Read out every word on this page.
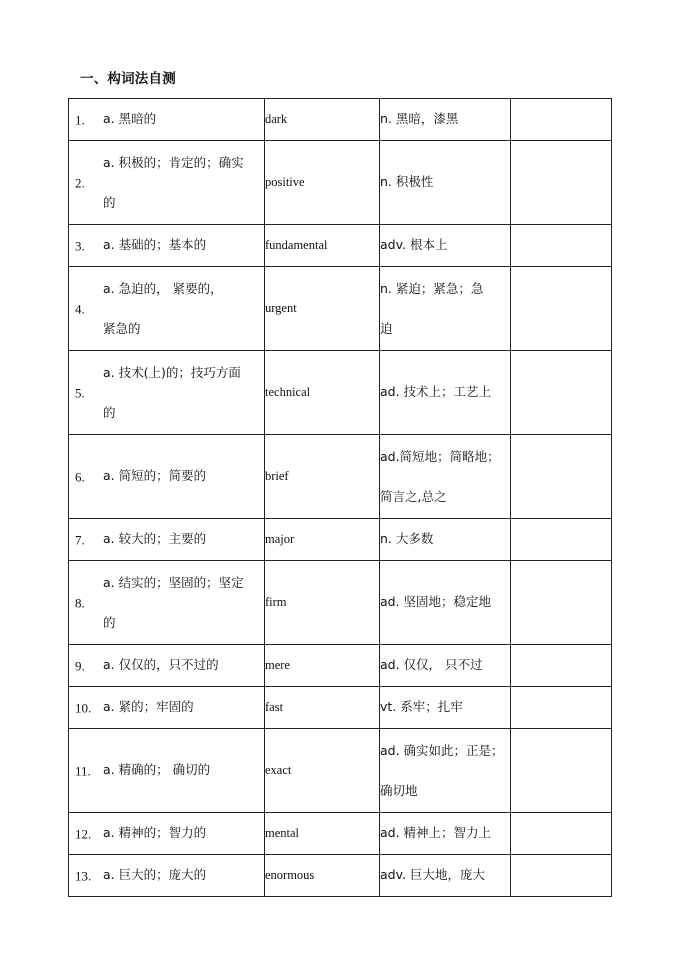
一、构词法自测
1. a. 黑暗的	dark	n. 黑暗，漆黑	

2.
a. 积极的；肯定的；确实
的	positive	n. 积极性	

3. a. 基础的；基本的	fundamental	adv. 根本上	

4.
a. 急迫的， 紧要的，
紧急的	urgent	n. 紧迫；紧急；急
迫	

5.
a. 技术(上)的；技巧方面
的	technical	ad. 技术上；工艺上	

6. a. 简短的；简要的	brief	ad.简短地；简略地；
简言之,总之	

7. a. 较大的；主要的	major	n. 大多数	

8.
a. 结实的；坚固的；坚定
的	firm	ad. 坚固地；稳定地	

9. a. 仅仅的，只不过的	mere	ad. 仅仅， 只不过	

10. a. 紧的；牢固的	fast	vt. 系牢；扎牢	

11. a. 精确的； 确切的	exact	ad. 确实如此；正是；
确切地	

12. a. 精神的；智力的	mental	ad. 精神上；智力上	

13. a. 巨大的；庞大的	enormous	adv. 巨大地，庞大	
